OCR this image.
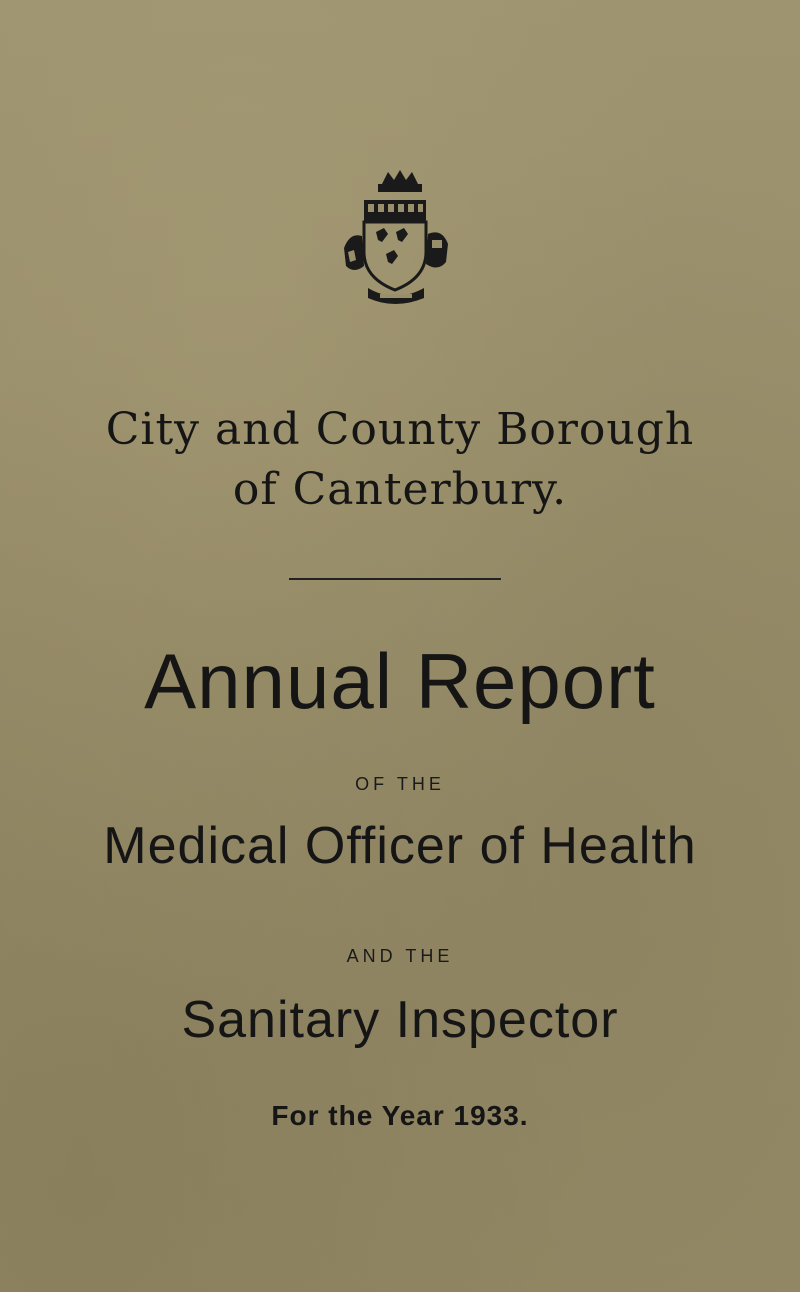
City and County Borough
of Canterbury.
Annual Report
OF THE
Medical Officer of Health
AND THE
Sanitary Inspector
For the Year 1933.
